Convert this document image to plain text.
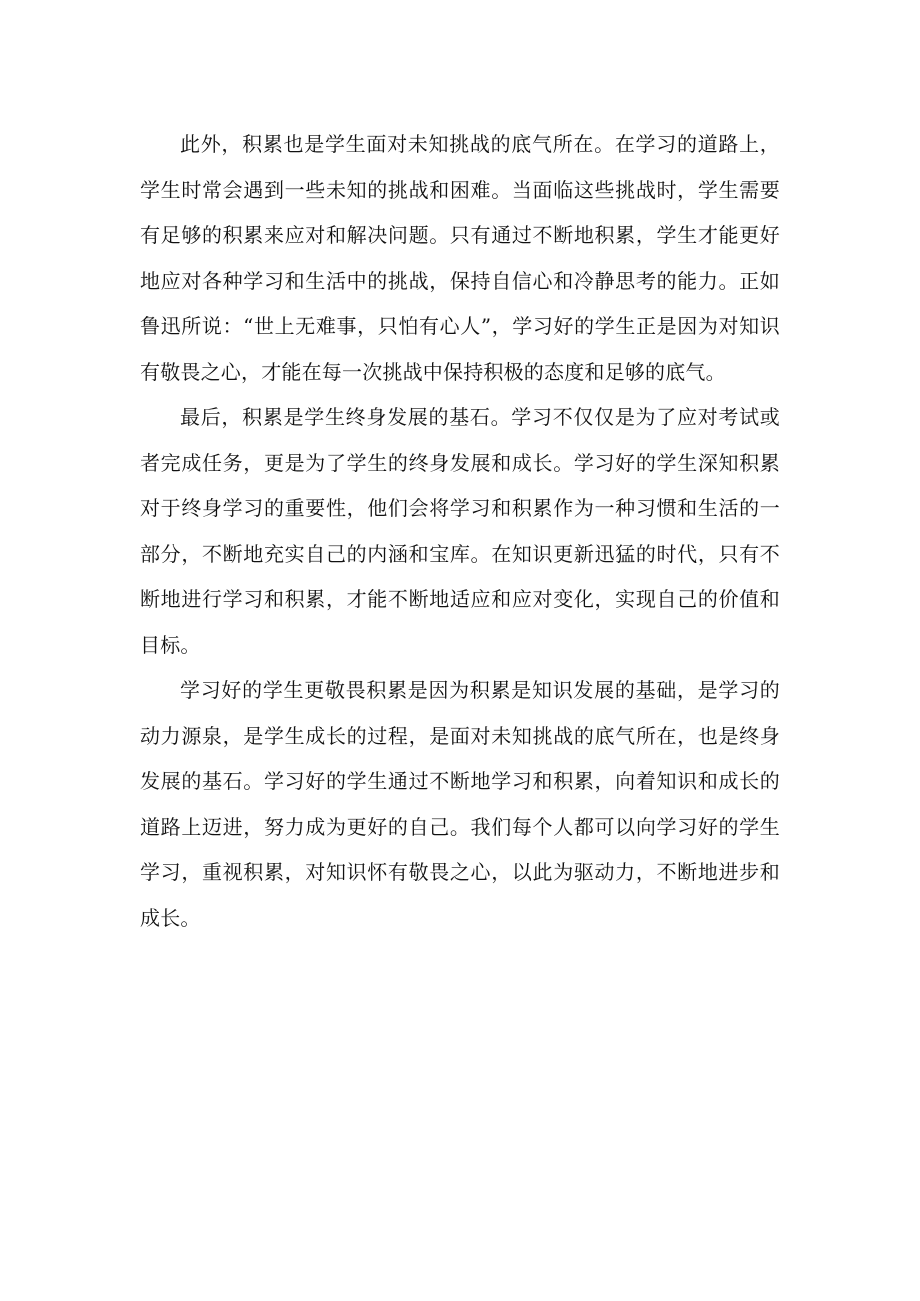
此外，积累也是学生面对未知挑战的底气所在。在学习的道路上，学生时常会遇到一些未知的挑战和困难。当面临这些挑战时，学生需要有足够的积累来应对和解决问题。只有通过不断地积累，学生才能更好地应对各种学习和生活中的挑战，保持自信心和冷静思考的能力。正如鲁迅所说：“世上无难事，只怕有心人”，学习好的学生正是因为对知识有敬畏之心，才能在每一次挑战中保持积极的态度和足够的底气。

最后，积累是学生终身发展的基石。学习不仅仅是为了应对考试或者完成任务，更是为了学生的终身发展和成长。学习好的学生深知积累对于终身学习的重要性，他们会将学习和积累作为一种习惯和生活的一部分，不断地充实自己的内涵和宝库。在知识更新迅猛的时代，只有不断地进行学习和积累，才能不断地适应和应对变化，实现自己的价值和目标。

学习好的学生更敬畏积累是因为积累是知识发展的基础，是学习的动力源泉，是学生成长的过程，是面对未知挑战的底气所在，也是终身发展的基石。学习好的学生通过不断地学习和积累，向着知识和成长的道路上迈进，努力成为更好的自己。我们每个人都可以向学习好的学生学习，重视积累，对知识怀有敬畏之心，以此为驱动力，不断地进步和成长。
